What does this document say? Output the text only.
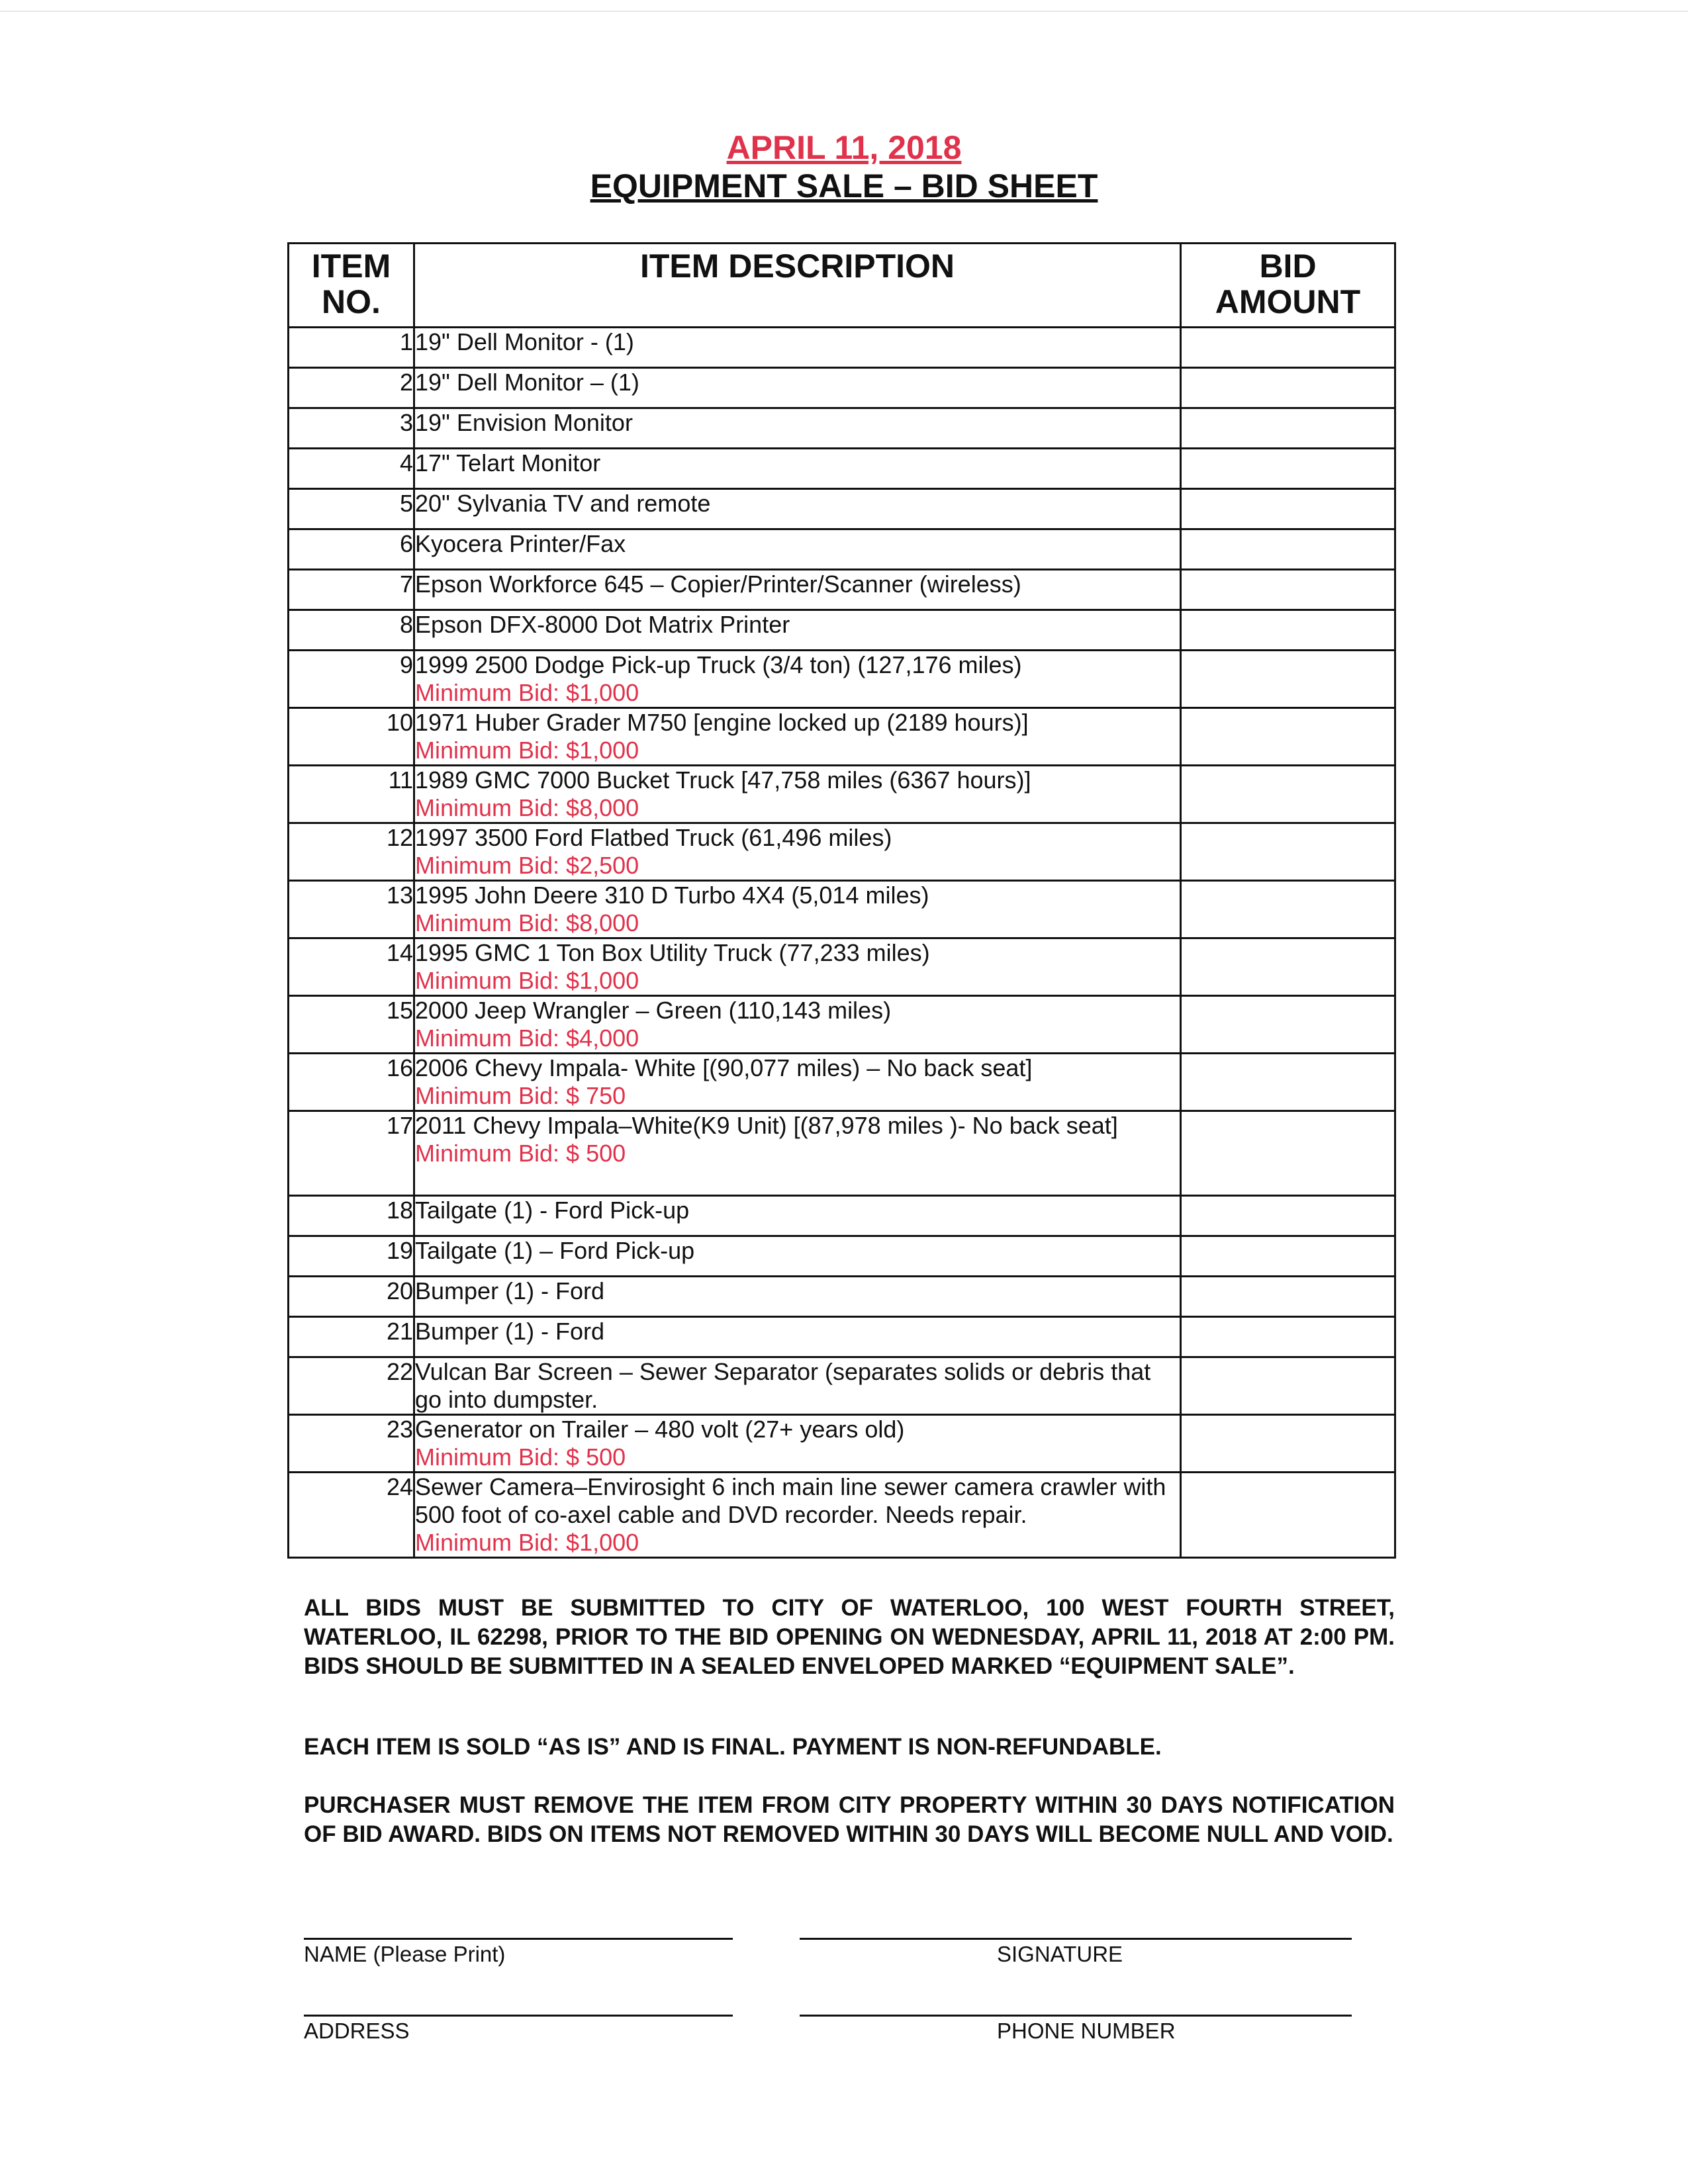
APRIL 11, 2018
EQUIPMENT SALE – BID SHEET
ITEM NO.	ITEM DESCRIPTION	BID AMOUNT
1	19" Dell Monitor - (1)	
2	19" Dell Monitor – (1)	
3	19" Envision Monitor	
4	17" Telart Monitor	
5	20" Sylvania TV and remote	
6	Kyocera Printer/Fax	
7	Epson Workforce 645 – Copier/Printer/Scanner (wireless)	
8	Epson DFX-8000 Dot Matrix Printer	
9	1999 2500 Dodge Pick-up Truck (3/4 ton) (127,176 miles)
Minimum Bid: $1,000	

10	1971 Huber Grader M750 [engine locked up (2189 hours)]
Minimum Bid: $1,000	

11	1989 GMC 7000 Bucket Truck [47,758 miles (6367 hours)]
Minimum Bid: $8,000	

12	1997 3500 Ford Flatbed Truck (61,496 miles)
Minimum Bid: $2,500	

13	1995 John Deere 310 D Turbo 4X4 (5,014 miles)
Minimum Bid: $8,000	

14	1995 GMC 1 Ton Box Utility Truck (77,233 miles)
Minimum Bid: $1,000	

15	2000 Jeep Wrangler – Green (110,143 miles)
Minimum Bid: $4,000	

16	2006 Chevy Impala- White [(90,077 miles) – No back seat]
Minimum Bid: $ 750	

17	2011 Chevy Impala–White(K9 Unit) [(87,978 miles )- No back seat]
Minimum Bid: $ 500	

18	Tailgate (1) - Ford Pick-up	
19	Tailgate (1) – Ford Pick-up	
20	Bumper (1) - Ford	
21	Bumper (1) - Ford	
22	Vulcan Bar Screen – Sewer Separator (separates solids or debris that go into dumpster.	
23	Generator on Trailer – 480 volt (27+ years old)
Minimum Bid: $ 500	

24	Sewer Camera–Envirosight 6 inch main line sewer camera crawler with 500 foot of co-axel cable and DVD recorder. Needs repair.
Minimum Bid: $1,000	

ALL BIDS MUST BE SUBMITTED TO CITY OF WATERLOO, 100 WEST FOURTH STREET, WATERLOO, IL 62298, PRIOR TO THE BID OPENING ON WEDNESDAY, APRIL 11, 2018 AT 2:00 PM. BIDS SHOULD BE SUBMITTED IN A SEALED ENVELOPED MARKED “EQUIPMENT SALE”.
EACH ITEM IS SOLD “AS IS” AND IS FINAL. PAYMENT IS NON-REFUNDABLE.
PURCHASER MUST REMOVE THE ITEM FROM CITY PROPERTY WITHIN 30 DAYS NOTIFICATION OF BID AWARD. BIDS ON ITEMS NOT REMOVED WITHIN 30 DAYS WILL BECOME NULL AND VOID.
NAME (Please Print)	SIGNATURE
ADDRESS	PHONE NUMBER
